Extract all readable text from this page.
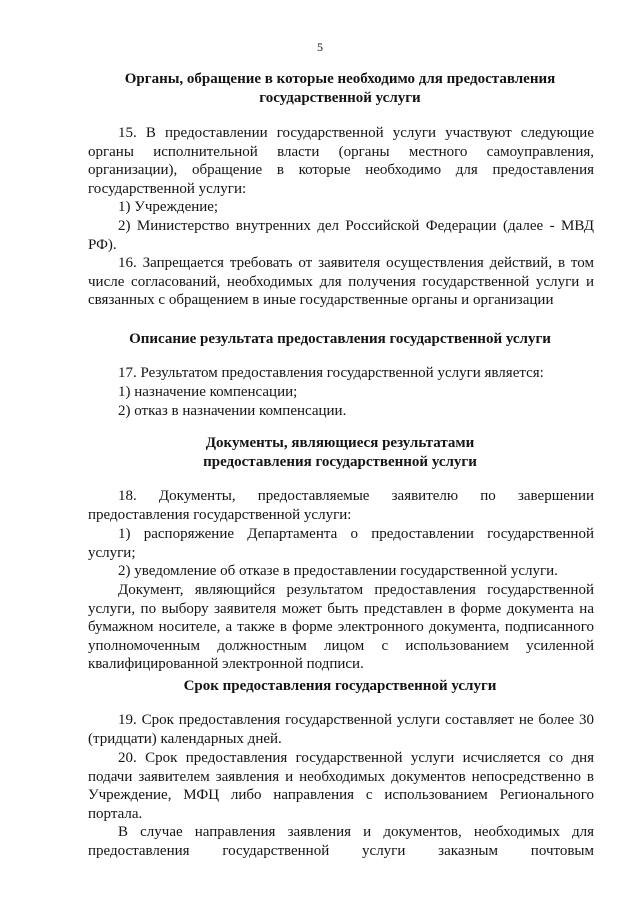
5
Органы, обращение в которые необходимо для предоставления
государственной услуги

15. В предоставлении государственной услуги участвуют следующие органы исполнительной власти (органы местного самоуправления, организации), обращение в которые необходимо для предоставления государственной услуги:

1) Учреждение;

2) Министерство внутренних дел Российской Федерации (далее - МВД РФ).

16. Запрещается требовать от заявителя осуществления действий, в том числе согласований, необходимых для получения государственной услуги и связанных с обращением в иные государственные органы и организации

Описание результата предоставления государственной услуги

17. Результатом предоставления государственной услуги является:

1) назначение компенсации;

2) отказ в назначении компенсации.

Документы, являющиеся результатами
предоставления государственной услуги

18. Документы, предоставляемые заявителю по завершении предоставления государственной услуги:

1) распоряжение Департамента о предоставлении государственной услуги;

2) уведомление об отказе в предоставлении государственной услуги.

Документ, являющийся результатом предоставления государственной услуги, по выбору заявителя может быть представлен в форме документа на бумажном носителе, а также в форме электронного документа, подписанного уполномоченным должностным лицом с использованием усиленной квалифицированной электронной подписи.

Срок предоставления государственной услуги

19. Срок предоставления государственной услуги составляет не более 30 (тридцати) календарных дней.

20. Срок предоставления государственной услуги исчисляется со дня подачи заявителем заявления и необходимых документов непосредственно в Учреждение, МФЦ либо направления с использованием Регионального портала.

В случае направления заявления и документов, необходимых для предоставления государственной услуги заказным почтовым
